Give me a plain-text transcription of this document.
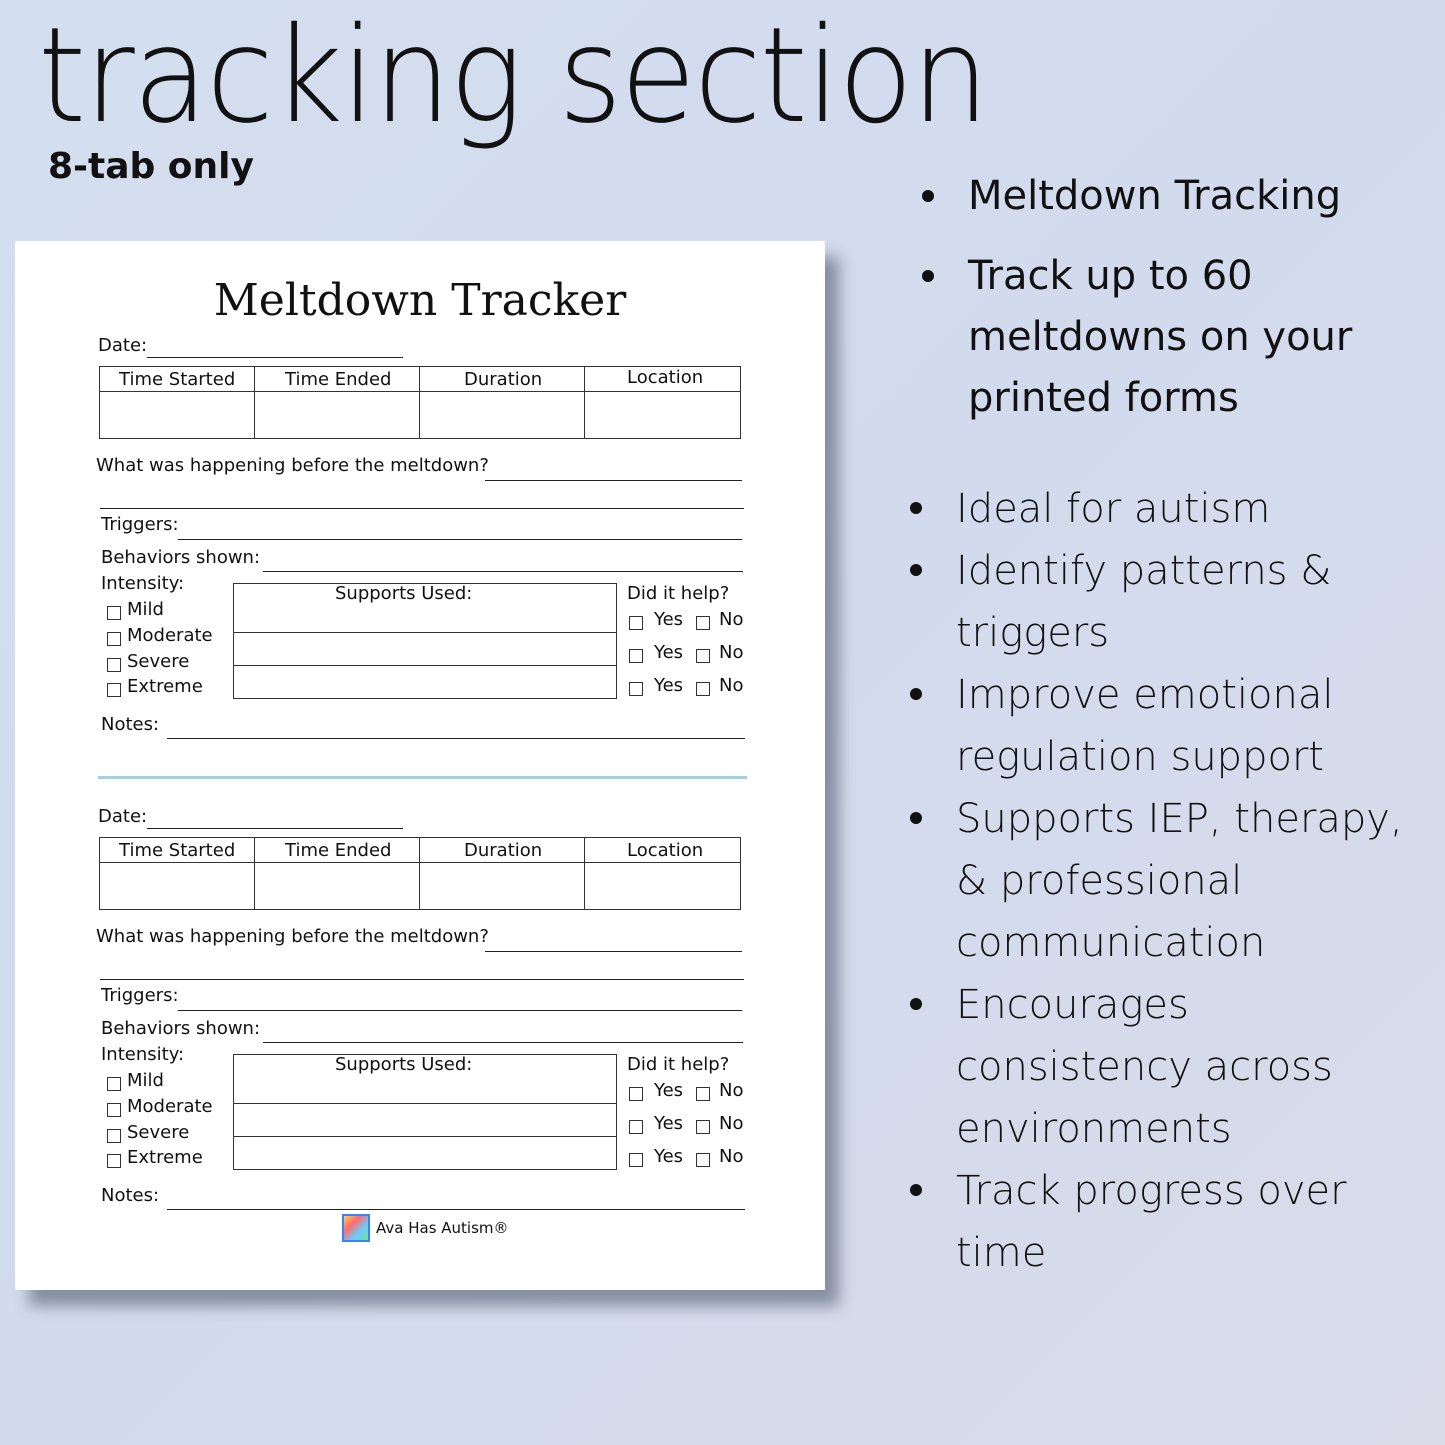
tracking section
8-tab only
Meltdown Tracker
Date:
Time Started	Time Ended	Duration	Location
What was happening before the meltdown?
Triggers:
Behaviors shown:
Intensity:
Mild
Moderate
Severe
Extreme
Supports Used:	Did it help?
Yes No
Yes No
Yes No
Notes:
Date:
Time Started	Time Ended	Duration	Location
What was happening before the meltdown?
Triggers:
Behaviors shown:
Intensity:
Mild
Moderate
Severe
Extreme
Supports Used:	Did it help?
Yes No
Yes No
Yes No
Notes:
Ava Has Autism®
Meltdown Tracking
Track up to 60 meltdowns on your printed forms
Ideal for autism
Identify patterns & triggers
Improve emotional regulation support
Supports IEP, therapy, & professional communication
Encourages consistency across environments
Track progress over time
